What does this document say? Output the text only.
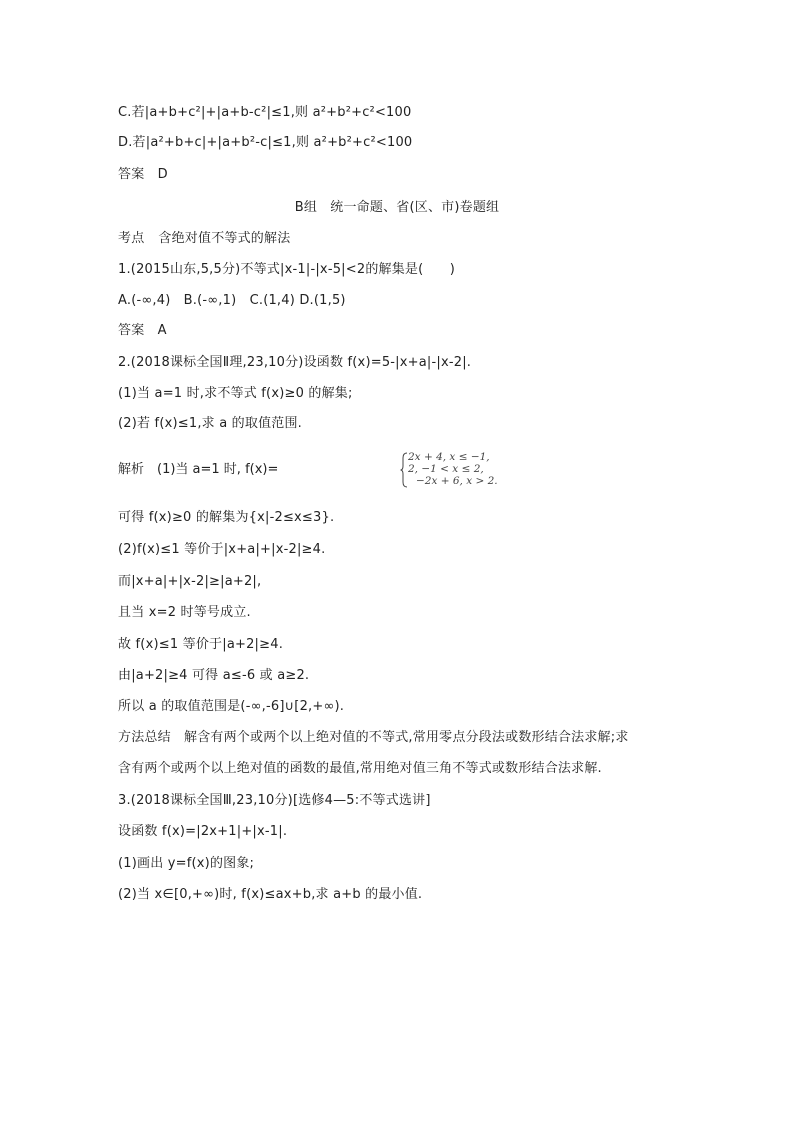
C.若|a+b+c²|+|a+b-c²|≤1,则 a²+b²+c²<100
D.若|a²+b+c|+|a+b²-c|≤1,则 a²+b²+c²<100
答案　D
B组　统一命题、省(区、市)卷题组
考点 含绝对值不等式的解法
1.(2015山东,5,5分)不等式|x-1|-|x-5|<2的解集是(　　)
A.(-∞,4)　B.(-∞,1)　C.(1,4) D.(1,5)
答案　A
2.(2018课标全国Ⅱ理,23,10分)设函数 f(x)=5-|x+a|-|x-2|.
(1)当 a=1 时,求不等式 f(x)≥0 的解集;
(2)若 f(x)≤1,求 a 的取值范围.
解析　(1)当 a=1 时, f(x)=
2x + 4, x ≤ −1,
2, −1 < x ≤ 2,
−2x + 6, x > 2.
可得 f(x)≥0 的解集为{x|-2≤x≤3}.
(2)f(x)≤1 等价于|x+a|+|x-2|≥4.
而|x+a|+|x-2|≥|a+2|,
且当 x=2 时等号成立.
故 f(x)≤1 等价于|a+2|≥4.
由|a+2|≥4 可得 a≤-6 或 a≥2.
所以 a 的取值范围是(-∞,-6]∪[2,+∞).
方法总结　解含有两个或两个以上绝对值的不等式,常用零点分段法或数形结合法求解;求
含有两个或两个以上绝对值的函数的最值,常用绝对值三角不等式或数形结合法求解.
3.(2018课标全国Ⅲ,23,10分)[选修4—5:不等式选讲]
设函数 f(x)=|2x+1|+|x-1|.
(1)画出 y=f(x)的图象;
(2)当 x∈[0,+∞)时, f(x)≤ax+b,求 a+b 的最小值.
